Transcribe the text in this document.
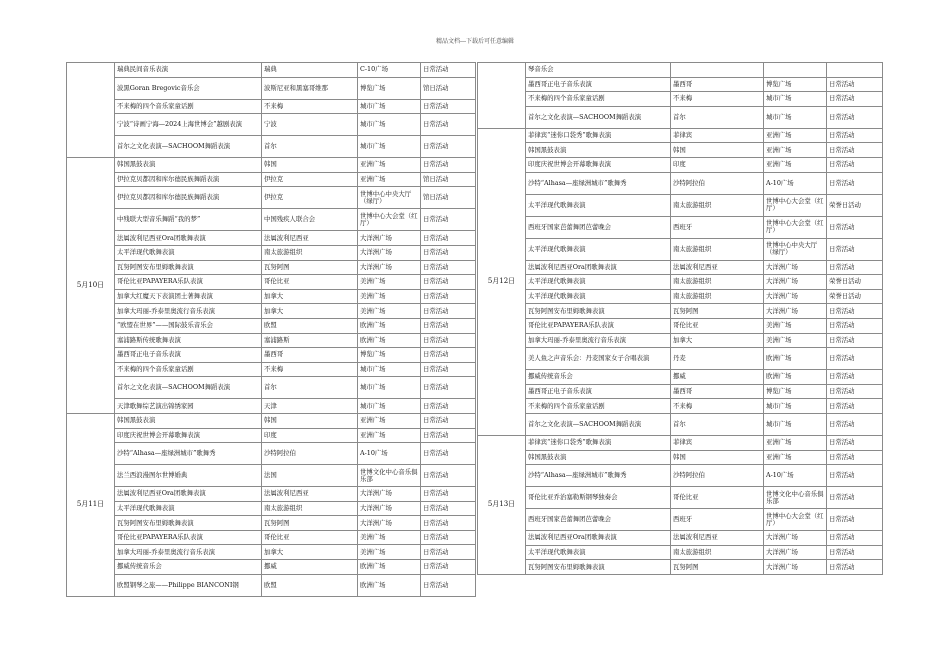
精品文档---下载后可任意编辑
	瑞典民间音乐表演	瑞典	C-10广场	日常活动
	波黑Goran Bregovic音乐会	波斯尼亚和黑塞哥维那	博览广场	馆日活动
	不来梅的四个音乐家童话剧	不来梅	城市广场	日常活动
	宁波“诗画宁海—2024上海世博会”越剧表演	宁波	城市广场	日常活动
	首尔之文化表演—SACHOOM舞蹈表演	首尔	城市广场	日常活动
5月10日	韩国黑鼓表演	韩国	亚洲广场	日常活动
	伊拉克贝都因和库尔德民族舞蹈表演	伊拉克	亚洲广场	馆日活动
	伊拉克贝都因和库尔德民族舞蹈表演	伊拉克	世博中心中央大厅（绿厅）	馆日活动
	中残联大型音乐舞蹈“我的梦”	中国残疾人联合会	世博中心大会堂（红厅）	日常活动
	法属波利尼西亚Ora团歌舞表演	法属波利尼西亚	大洋洲广场	日常活动
	太平洋现代歌舞表演	南太旅游组织	大洋洲广场	日常活动
	瓦努阿图安布里姆歌舞表演	瓦努阿图	大洋洲广场	日常活动
	哥伦比亚PAPAYERA乐队表演	哥伦比亚	美洲广场	日常活动
	加拿大红魔天下表演团土著舞表演	加拿大	美洲广场	日常活动
	加拿大玛丽-乔泰里奥流行音乐表演	加拿大	美洲广场	日常活动
	“欧盟在世界”——国际鼓乐音乐会	欧盟	欧洲广场	日常活动
	塞浦路斯传统歌舞表演	塞浦路斯	欧洲广场	日常活动
	墨西哥正电子音乐表演	墨西哥	博览广场	日常活动
	不来梅的四个音乐家童话剧	不来梅	城市广场	日常活动
	首尔之文化表演—SACHOOM舞蹈表演	首尔	城市广场	日常活动
	天津歌舞综艺演出锦绣家园	天津	城市广场	日常活动
5月11日	韩国黑鼓表演	韩国	亚洲广场	日常活动
	印度庆祝世博会开幕歌舞表演	印度	亚洲广场	日常活动
	沙特“Alhasa—座绿洲城市”歌舞秀	沙特阿拉伯	A-10广场	日常活动
	法兰西浪漫图尔世博婚典	法国	世博文化中心音乐俱乐部	日常活动
	法属波利尼西亚Ora团歌舞表演	法属波利尼西亚	大洋洲广场	日常活动
	太平洋现代歌舞表演	南太旅游组织	大洋洲广场	日常活动
	瓦努阿图安布里姆歌舞表演	瓦努阿图	大洋洲广场	日常活动
	哥伦比亚PAPAYERA乐队表演	哥伦比亚	美洲广场	日常活动
	加拿大玛丽-乔泰里奥流行音乐表演	加拿大	美洲广场	日常活动
	挪威传统音乐会	挪威	欧洲广场	日常活动
	欧盟钢琴之旅——Philippe BIANCONI钢	欧盟	欧洲广场	日常活动
	琴音乐会			
	墨西哥正电子音乐表演	墨西哥	博览广场	日常活动
	不来梅的四个音乐家童话剧	不来梅	城市广场	日常活动
	首尔之文化表演—SACHOOM舞蹈表演	首尔	城市广场	日常活动
5月12日	菲律宾“迷你口袋秀”歌舞表演	菲律宾	亚洲广场	日常活动
	韩国黑鼓表演	韩国	亚洲广场	日常活动
	印度庆祝世博会开幕歌舞表演	印度	亚洲广场	日常活动
	沙特“Alhasa—座绿洲城市”歌舞秀	沙特阿拉伯	A-10广场	日常活动
	太平洋现代歌舞表演	南太旅游组织	世博中心大会堂（红厅）	荣誉日活动
	西班牙国家芭蕾舞团芭蕾晚会	西班牙	世博中心大会堂（红厅）	日常活动
	太平洋现代歌舞表演	南太旅游组织	世博中心中央大厅（绿厅）	日常活动
	法属波利尼西亚Ora团歌舞表演	法属波利尼西亚	大洋洲广场	日常活动
	太平洋现代歌舞表演	南太旅游组织	大洋洲广场	荣誉日活动
	太平洋现代歌舞表演	南太旅游组织	大洋洲广场	荣誉日活动
	瓦努阿图安布里姆歌舞表演	瓦努阿图	大洋洲广场	日常活动
	哥伦比亚PAPAYERA乐队表演	哥伦比亚	美洲广场	日常活动
	加拿大玛丽-乔泰里奥流行音乐表演	加拿大	美洲广场	日常活动
	美人鱼之声音乐会：丹麦国家女子合唱表演	丹麦	欧洲广场	日常活动
	挪威传统音乐会	挪威	欧洲广场	日常活动
	墨西哥正电子音乐表演	墨西哥	博览广场	日常活动
	不来梅的四个音乐家童话剧	不来梅	城市广场	日常活动
	首尔之文化表演—SACHOOM舞蹈表演	首尔	城市广场	日常活动
5月13日	菲律宾“迷你口袋秀”歌舞表演	菲律宾	亚洲广场	日常活动
	韩国黑鼓表演	韩国	亚洲广场	日常活动
	沙特“Alhasa—座绿洲城市”歌舞秀	沙特阿拉伯	A-10广场	日常活动
	哥伦比亚乔治塞勒斯钢琴独奏会	哥伦比亚	世博文化中心音乐俱乐部	日常活动
	西班牙国家芭蕾舞团芭蕾晚会	西班牙	世博中心大会堂（红厅）	日常活动
	法属波利尼西亚Ora团歌舞表演	法属波利尼西亚	大洋洲广场	日常活动
	太平洋现代歌舞表演	南太旅游组织	大洋洲广场	日常活动
	瓦努阿图安布里姆歌舞表演	瓦努阿图	大洋洲广场	日常活动
